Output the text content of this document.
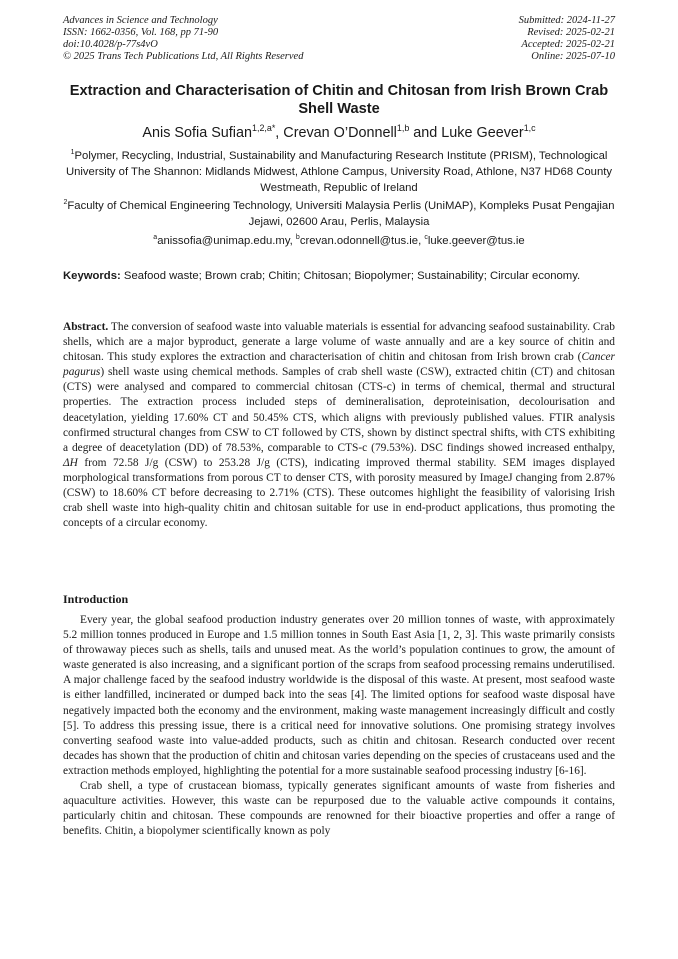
Advances in Science and Technology
ISSN: 1662-0356, Vol. 168, pp 71-90
doi:10.4028/p-77s4vO
© 2025 Trans Tech Publications Ltd, All Rights Reserved
Submitted: 2024-11-27
Revised: 2025-02-21
Accepted: 2025-02-21
Online: 2025-07-10
Extraction and Characterisation of Chitin and Chitosan from Irish Brown Crab Shell Waste
Anis Sofia Sufian$^{1,2,a*}$, Crevan O’Donnell$^{1,b}$ and Luke Geever$^{1,c}$
$^1$Polymer, Recycling, Industrial, Sustainability and Manufacturing Research Institute (PRISM), Technological University of The Shannon: Midlands Midwest, Athlone Campus, University Road, Athlone, N37 HD68 County Westmeath, Republic of Ireland
$^2$Faculty of Chemical Engineering Technology, Universiti Malaysia Perlis (UniMAP), Kompleks Pusat Pengajian Jejawi, 02600 Arau, Perlis, Malaysia
$^a$anissofia@unimap.edu.my, $^b$crevan.odonnell@tus.ie, $^c$luke.geever@tus.ie
Keywords: Seafood waste; Brown crab; Chitin; Chitosan; Biopolymer; Sustainability; Circular economy.
Abstract. The conversion of seafood waste into valuable materials is essential for advancing seafood sustainability. Crab shells, which are a major byproduct, generate a large volume of waste annually and are a key source of chitin and chitosan. This study explores the extraction and characterisation of chitin and chitosan from Irish brown crab (Cancer pagurus) shell waste using chemical methods. Samples of crab shell waste (CSW), extracted chitin (CT) and chitosan (CTS) were analysed and compared to commercial chitosan (CTS-c) in terms of chemical, thermal and structural properties. The extraction process included steps of demineralisation, deproteinisation, decolourisation and deacetylation, yielding 17.60% CT and 50.45% CTS, which aligns with previously published values. FTIR analysis confirmed structural changes from CSW to CT followed by CTS, shown by distinct spectral shifts, with CTS exhibiting a degree of deacetylation (DD) of 78.53%, comparable to CTS-c (79.53%). DSC findings showed increased enthalpy, ΔH from 72.58 J/g (CSW) to 253.28 J/g (CTS), indicating improved thermal stability. SEM images displayed morphological transformations from porous CT to denser CTS, with porosity measured by ImageJ changing from 2.87% (CSW) to 18.60% CT before decreasing to 2.71% (CTS). These outcomes highlight the feasibility of valorising Irish crab shell waste into high-quality chitin and chitosan suitable for use in end-product applications, thus promoting the concepts of a circular economy.
Introduction

Every year, the global seafood production industry generates over 20 million tonnes of waste, with approximately 5.2 million tonnes produced in Europe and 1.5 million tonnes in South East Asia [1, 2, 3]. This waste primarily consists of throwaway pieces such as shells, tails and unused meat. As the world’s population continues to grow, the amount of waste generated is also increasing, and a significant portion of the scraps from seafood processing remains underutilised. A major challenge faced by the seafood industry worldwide is the disposal of this waste. At present, most seafood waste is either landfilled, incinerated or dumped back into the seas [4]. The limited options for seafood waste disposal have negatively impacted both the economy and the environment, making waste management increasingly difficult and costly [5]. To address this pressing issue, there is a critical need for innovative solutions. One promising strategy involves converting seafood waste into value-added products, such as chitin and chitosan. Research conducted over recent decades has shown that the production of chitin and chitosan varies depending on the species of crustaceans used and the extraction methods employed, highlighting the potential for a more sustainable seafood processing industry [6-16].

Crab shell, a type of crustacean biomass, typically generates significant amounts of waste from fisheries and aquaculture activities. However, this waste can be repurposed due to the valuable active compounds it contains, particularly chitin and chitosan. These compounds are renowned for their bioactive properties and offer a range of benefits. Chitin, a biopolymer scientifically known as poly
